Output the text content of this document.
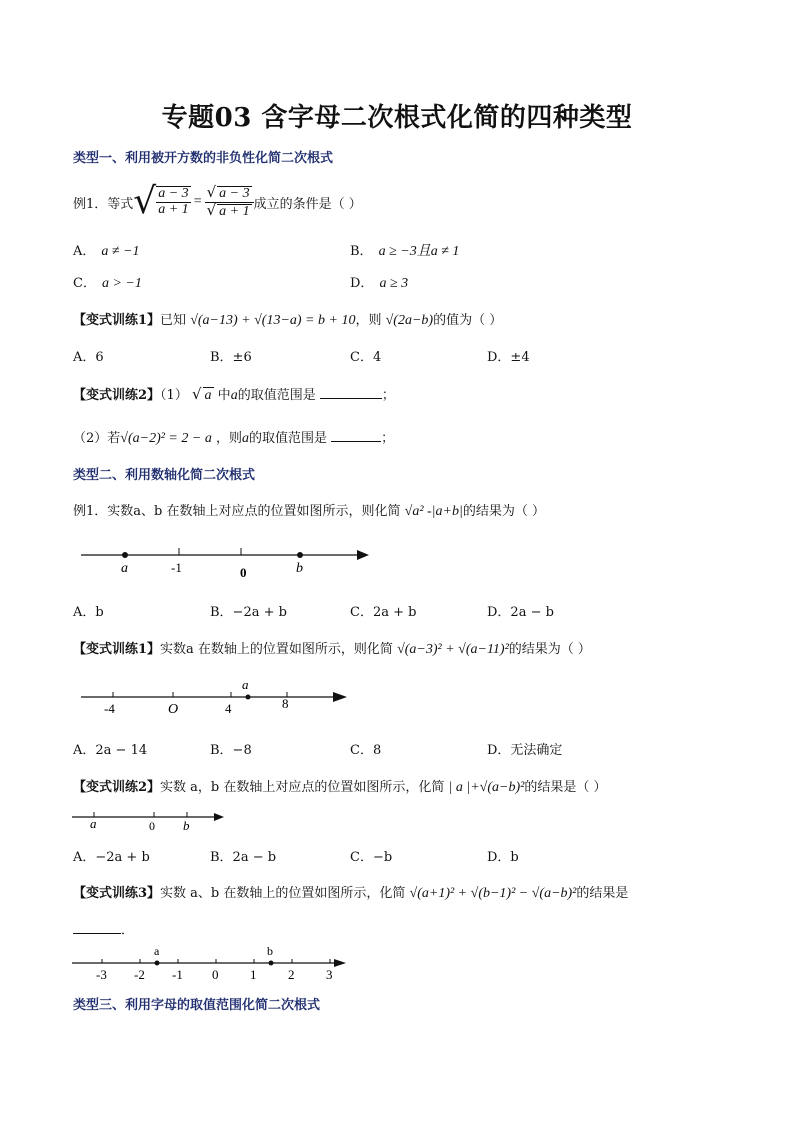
专题03 含字母二次根式化简的四种类型
类型一、利用被开方数的非负性化简二次根式
例1．等式 √ $\frac{a - 3}{a + 1} = \frac{√ a - 3}{√ a + 1}$ 成立的条件是（ ）
A． a ≠ −1	B． a ≥ −3且a ≠ 1
C． a > −1	D． a ≥ 3
【变式训练1】已知 √(a−13) + √(13−a) = b + 10，则 √(2a−b)的值为（ ）
A．6	B．±6	C．4	D．±4
【变式训练2】（1） √ a 中a的取值范围是	；
（2）若√(a−2)² = 2 − a ，则a的取值范围是	；
类型二、利用数轴化简二次根式
例1．实数a、b 在数轴上对应点的位置如图所示，则化简 √a² -|a+b|的结果为（ ）
a	-1	0	b
A．b	B．−2a + b	C．2a + b	D．2a − b
【变式训练1】实数a 在数轴上的位置如图所示，则化简 √(a−3)² + √(a−11)²的结果为（ ）
-4	O	4
a
8
A．2a − 14	B．−8	C．8	D．无法确定
【变式训练2】实数 a，b 在数轴上对应点的位置如图所示，化简 | a |+√(a−b)²的结果是（ ）
a	0 b
A．−2a + b	B．2a − b	C．−b	D．b
【变式训练3】实数 a、b 在数轴上的位置如图所示，化简 √(a+1)² + √(b−1)² − √(a−b)²的结果是
．
a	b
-3 -2 -1 0 1 2 3
类型三、利用字母的取值范围化简二次根式
